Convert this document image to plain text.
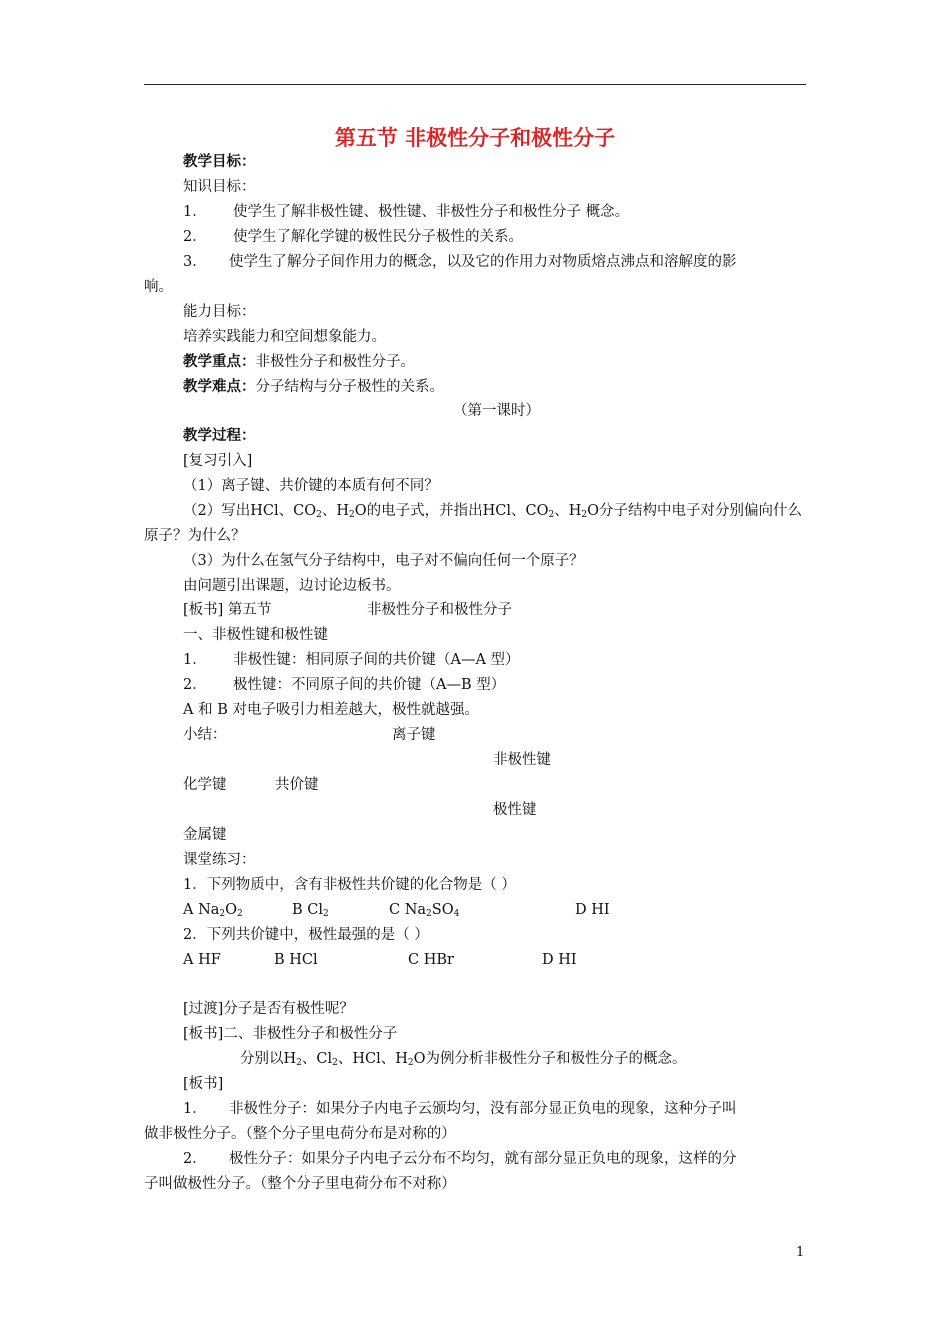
第五节 非极性分子和极性分子
教学目标：
知识目标：
1． 使学生了解非极性键、极性键、非极性分子和极性分子 概念。
2． 使学生了解化学键的极性民分子极性的关系。
3． 使学生了解分子间作用力的概念，以及它的作用力对物质熔点沸点和溶解度的影
响。
能力目标：
培养实践能力和空间想象能力。
教学重点：非极性分子和极性分子。
教学难点：分子结构与分子极性的关系。
（第一课时）
教学过程：
[复习引入]
（1）离子键、共价键的本质有何不同？
（2）写出HCl、$CO_2$、$H_2O$的电子式，并指出HCl、$CO_2$、$H_2O$分子结构中电子对分别偏向什么
原子？为什么？
（3）为什么在氢气分子结构中，电子对不偏向任何一个原子？
由问题引出课题，边讨论边板书。
[板书] 第五节	非极性分子和极性分子
一、非极性键和极性键
1． 非极性键：相同原子间的共价键（A—A 型）
2． 极性键：不同原子间的共价键（A—B 型）
A 和 B 对电子吸引力相差越大，极性就越强。
小结：	离子键
非极性键
化学键	共价键
极性键
金属键
课堂练习：
1．下列物质中，含有非极性共价键的化合物是（ ）
A $Na_2O_2$	B $Cl_2$	C $Na_2SO_4$	D HI
2．下列共价键中，极性最强的是（ ）
A HF	B HCl	C HBr	D HI
[过渡]分子是否有极性呢？
[板书]二、非极性分子和极性分子
分别以$H_2$、$Cl_2$、HCl、$H_2O$为例分析非极性分子和极性分子的概念。
[板书]
1． 非极性分子：如果分子内电子云颁均匀，没有部分显正负电的现象，这种分子叫
做非极性分子。（整个分子里电荷分布是对称的）
2． 极性分子：如果分子内电子云分布不均匀，就有部分显正负电的现象，这样的分
子叫做极性分子。（整个分子里电荷分布不对称）
1
